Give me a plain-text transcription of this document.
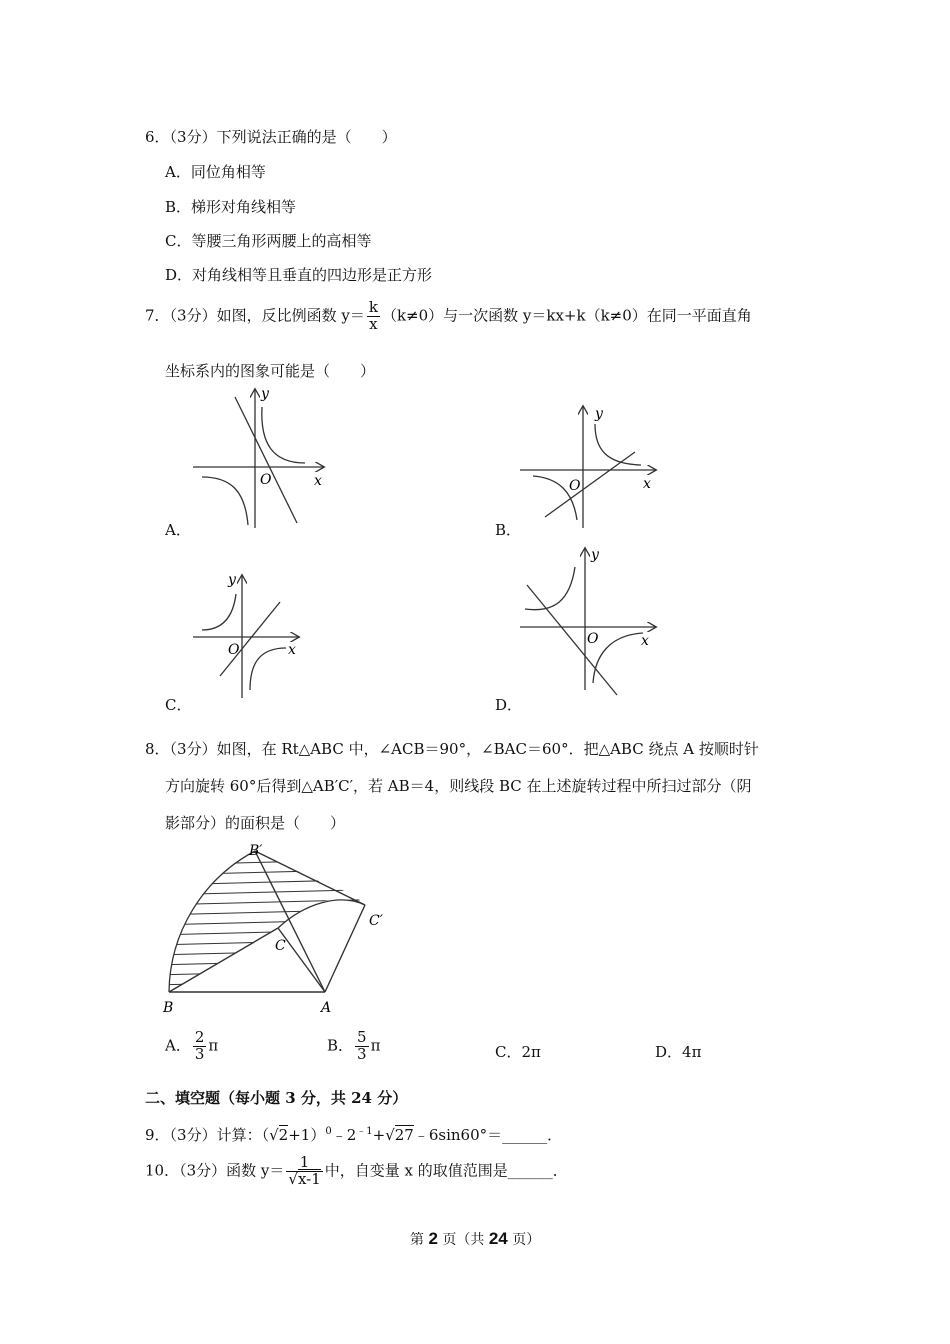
6．（3分）下列说法正确的是（　　）
A．同位角相等
B．梯形对角线相等
C．等腰三角形两腰上的高相等
D．对角线相等且垂直的四边形是正方形
7．（3分）如图，反比例函数 $y= \frac{k}{x} (k\ne 0)$与一次函数 y＝kx+k（k≠0）在同一平面直角
坐标系内的图象可能是（　　）
y
x
O
A．
y
x
O
B．
y
x
O
C．
y
x
O
D．
8．（3分）如图，在 Rt△ABC 中，∠ACB＝90°，∠BAC＝60°．把△ABC 绕点 A 按顺时针
方向旋转 60°后得到△AB′C′，若 AB＝4，则线段 BC 在上述旋转过程中所扫过部分（阴
影部分）的面积是（　　）
B′
C′
C
B	A
A． $\frac{2}{3}$ π	B． $\frac{5}{3}$ π	C．2π	D．4π
二、填空题（每小题 3 分，共 24 分）
9．（3分）计算：$(√2+1)^0﹣2^{﹣1}+√27﹣6\sin 60^\circ=\_\_\_\_\_\_$．
10．（3分）函数 $y= \frac{1}{√x-1}$ 中，自变量 x 的取值范围是______．
第 2 页（共 24 页）
